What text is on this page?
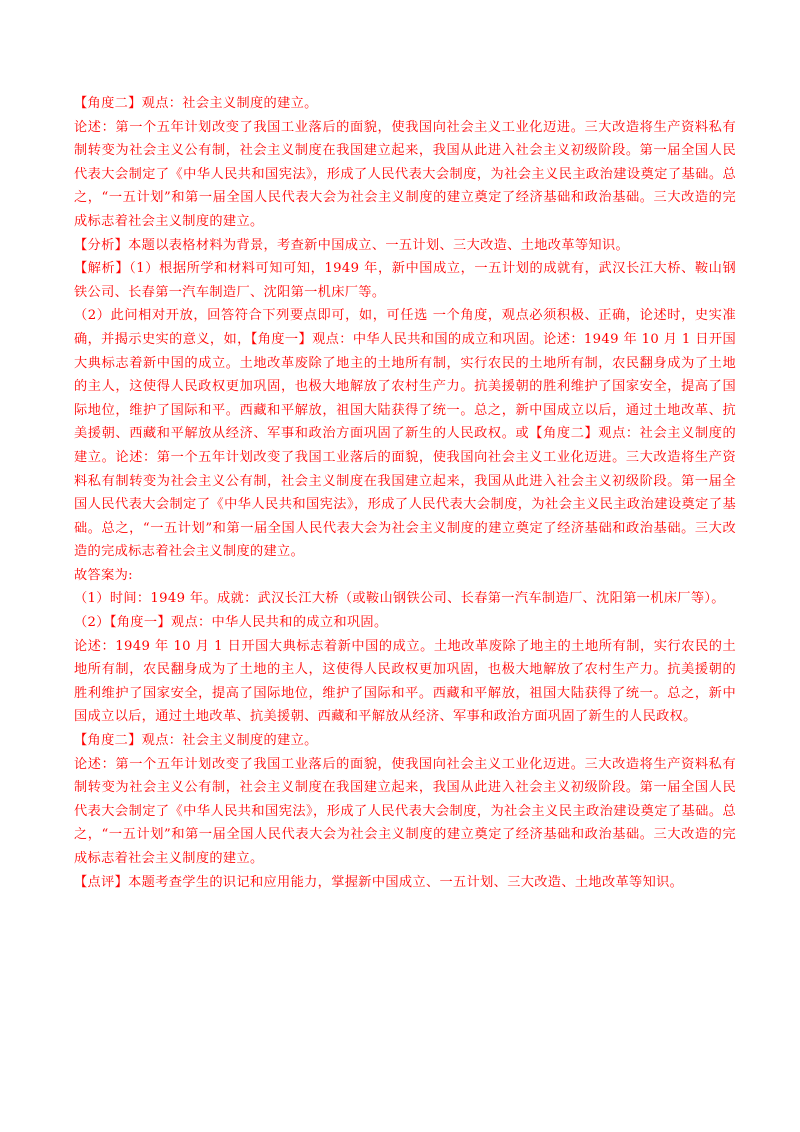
【角度二】观点：社会主义制度的建立。

论述：第一个五年计划改变了我国工业落后的面貌，使我国向社会主义工业化迈进。三大改造将生产资料私有制转变为社会主义公有制，社会主义制度在我国建立起来，我国从此进入社会主义初级阶段。第一届全国人民代表大会制定了《中华人民共和国宪法》，形成了人民代表大会制度，为社会主义民主政治建设奠定了基础。总之，“一五计划”和第一届全国人民代表大会为社会主义制度的建立奠定了经济基础和政治基础。三大改造的完成标志着社会主义制度的建立。

【分析】本题以表格材料为背景，考查新中国成立、一五计划、三大改造、土地改革等知识。

【解析】（1）根据所学和材料可知可知，1949 年，新中国成立，一五计划的成就有，武汉长江大桥、鞍山钢铁公司、长春第一汽车制造厂、沈阳第一机床厂等。

（2）此问相对开放，回答符合下列要点即可，如，可任选 一个角度，观点必须积极、正确，论述时，史实准确，并揭示史实的意义，如，【角度一】观点：中华人民共和国的成立和巩固。论述：1949 年 10 月 1 日开国大典标志着新中国的成立。土地改革废除了地主的土地所有制，实行农民的土地所有制，农民翻身成为了土地的主人，这使得人民政权更加巩固，也极大地解放了农村生产力。抗美援朝的胜利维护了国家安全，提高了国际地位，维护了国际和平。西藏和平解放，祖国大陆获得了统一。总之，新中国成立以后，通过土地改革、抗美援朝、西藏和平解放从经济、军事和政治方面巩固了新生的人民政权。或【角度二】观点：社会主义制度的建立。论述：第一个五年计划改变了我国工业落后的面貌，使我国向社会主义工业化迈进。三大改造将生产资料私有制转变为社会主义公有制，社会主义制度在我国建立起来，我国从此进入社会主义初级阶段。第一届全国人民代表大会制定了《中华人民共和国宪法》，形成了人民代表大会制度，为社会主义民主政治建设奠定了基础。总之，“一五计划”和第一届全国人民代表大会为社会主义制度的建立奠定了经济基础和政治基础。三大改造的完成标志着社会主义制度的建立。

故答案为:

（1）时间：1949 年。成就：武汉长江大桥（或鞍山钢铁公司、长春第一汽车制造厂、沈阳第一机床厂等）。

（2）【角度一】观点：中华人民共和的成立和巩固。

论述：1949 年 10 月 1 日开国大典标志着新中国的成立。土地改革废除了地主的土地所有制，实行农民的土地所有制，农民翻身成为了土地的主人，这使得人民政权更加巩固，也极大地解放了农村生产力。抗美援朝的胜利维护了国家安全，提高了国际地位，维护了国际和平。西藏和平解放，祖国大陆获得了统一。总之，新中国成立以后，通过土地改革、抗美援朝、西藏和平解放从经济、军事和政治方面巩固了新生的人民政权。

【角度二】观点：社会主义制度的建立。

论述：第一个五年计划改变了我国工业落后的面貌，使我国向社会主义工业化迈进。三大改造将生产资料私有制转变为社会主义公有制，社会主义制度在我国建立起来，我国从此进入社会主义初级阶段。第一届全国人民代表大会制定了《中华人民共和国宪法》，形成了人民代表大会制度，为社会主义民主政治建设奠定了基础。总之，“一五计划”和第一届全国人民代表大会为社会主义制度的建立奠定了经济基础和政治基础。三大改造的完成标志着社会主义制度的建立。

【点评】本题考查学生的识记和应用能力，掌握新中国成立、一五计划、三大改造、土地改革等知识。
